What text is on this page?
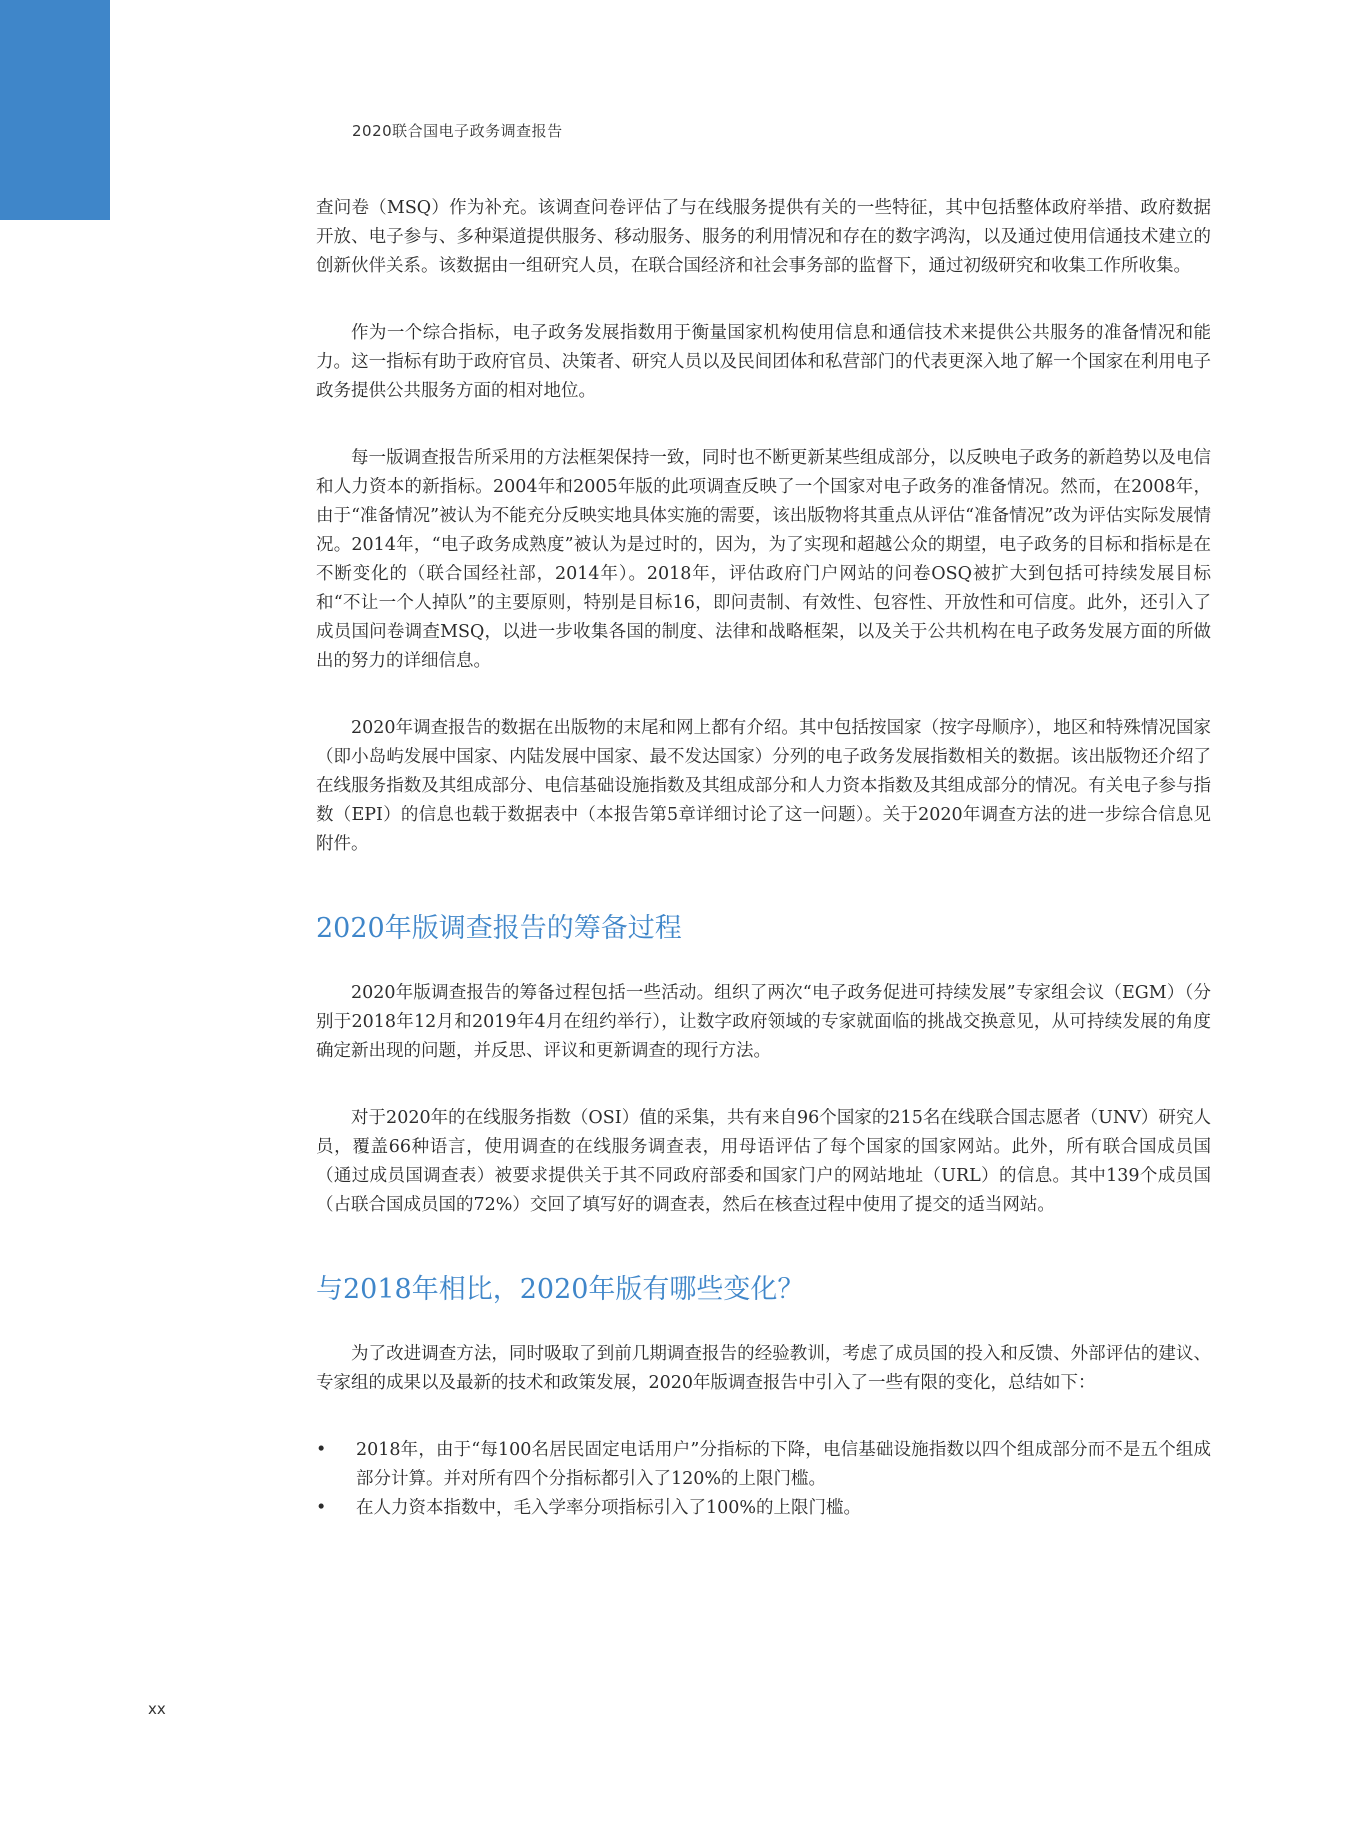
2020联合国电子政务调查报告

查问卷（MSQ）作为补充。该调查问卷评估了与在线服务提供有关的一些特征，其中包括整体政府举措、政府数据开放、电子参与、多种渠道提供服务、移动服务、服务的利用情况和存在的数字鸿沟，以及通过使用信通技术建立的创新伙伴关系。该数据由一组研究人员，在联合国经济和社会事务部的监督下，通过初级研究和收集工作所收集。

作为一个综合指标，电子政务发展指数用于衡量国家机构使用信息和通信技术来提供公共服务的准备情况和能力。这一指标有助于政府官员、决策者、研究人员以及民间团体和私营部门的代表更深入地了解一个国家在利用电子政务提供公共服务方面的相对地位。

每一版调查报告所采用的方法框架保持一致，同时也不断更新某些组成部分，以反映电子政务的新趋势以及电信和人力资本的新指标。2004年和2005年版的此项调查反映了一个国家对电子政务的准备情况。然而，在2008年，由于“准备情况”被认为不能充分反映实地具体实施的需要，该出版物将其重点从评估“准备情况”改为评估实际发展情况。2014年，“电子政务成熟度”被认为是过时的，因为，为了实现和超越公众的期望，电子政务的目标和指标是在不断变化的（联合国经社部，2014年）。2018年，评估政府门户网站的问卷OSQ被扩大到包括可持续发展目标和“不让一个人掉队”的主要原则，特别是目标16，即问责制、有效性、包容性、开放性和可信度。此外，还引入了成员国问卷调查MSQ，以进一步收集各国的制度、法律和战略框架，以及关于公共机构在电子政务发展方面的所做出的努力的详细信息。

2020年调查报告的数据在出版物的末尾和网上都有介绍。其中包括按国家（按字母顺序），地区和特殊情况国家（即小岛屿发展中国家、内陆发展中国家、最不发达国家）分列的电子政务发展指数相关的数据。该出版物还介绍了在线服务指数及其组成部分、电信基础设施指数及其组成部分和人力资本指数及其组成部分的情况。有关电子参与指数（EPI）的信息也载于数据表中（本报告第5章详细讨论了这一问题）。关于2020年调查方法的进一步综合信息见附件。

2020年版调查报告的筹备过程

2020年版调查报告的筹备过程包括一些活动。组织了两次“电子政务促进可持续发展”专家组会议（EGM）（分别于2018年12月和2019年4月在纽约举行），让数字政府领域的专家就面临的挑战交换意见，从可持续发展的角度确定新出现的问题，并反思、评议和更新调查的现行方法。

对于2020年的在线服务指数（OSI）值的采集，共有来自96个国家的215名在线联合国志愿者（UNV）研究人员，覆盖66种语言，使用调查的在线服务调查表，用母语评估了每个国家的国家网站。此外，所有联合国成员国（通过成员国调查表）被要求提供关于其不同政府部委和国家门户的网站地址（URL）的信息。其中139个成员国（占联合国成员国的72%）交回了填写好的调查表，然后在核查过程中使用了提交的适当网站。

与2018年相比，2020年版有哪些变化？

为了改进调查方法，同时吸取了到前几期调查报告的经验教训，考虑了成员国的投入和反馈、外部评估的建议、专家组的成果以及最新的技术和政策发展，2020年版调查报告中引入了一些有限的变化，总结如下：

• 2018年，由于“每100名居民固定电话用户”分指标的下降，电信基础设施指数以四个组成部分而不是五个组成部分计算。并对所有四个分指标都引入了120%的上限门槛。
• 在人力资本指数中，毛入学率分项指标引入了100%的上限门槛。
xx
